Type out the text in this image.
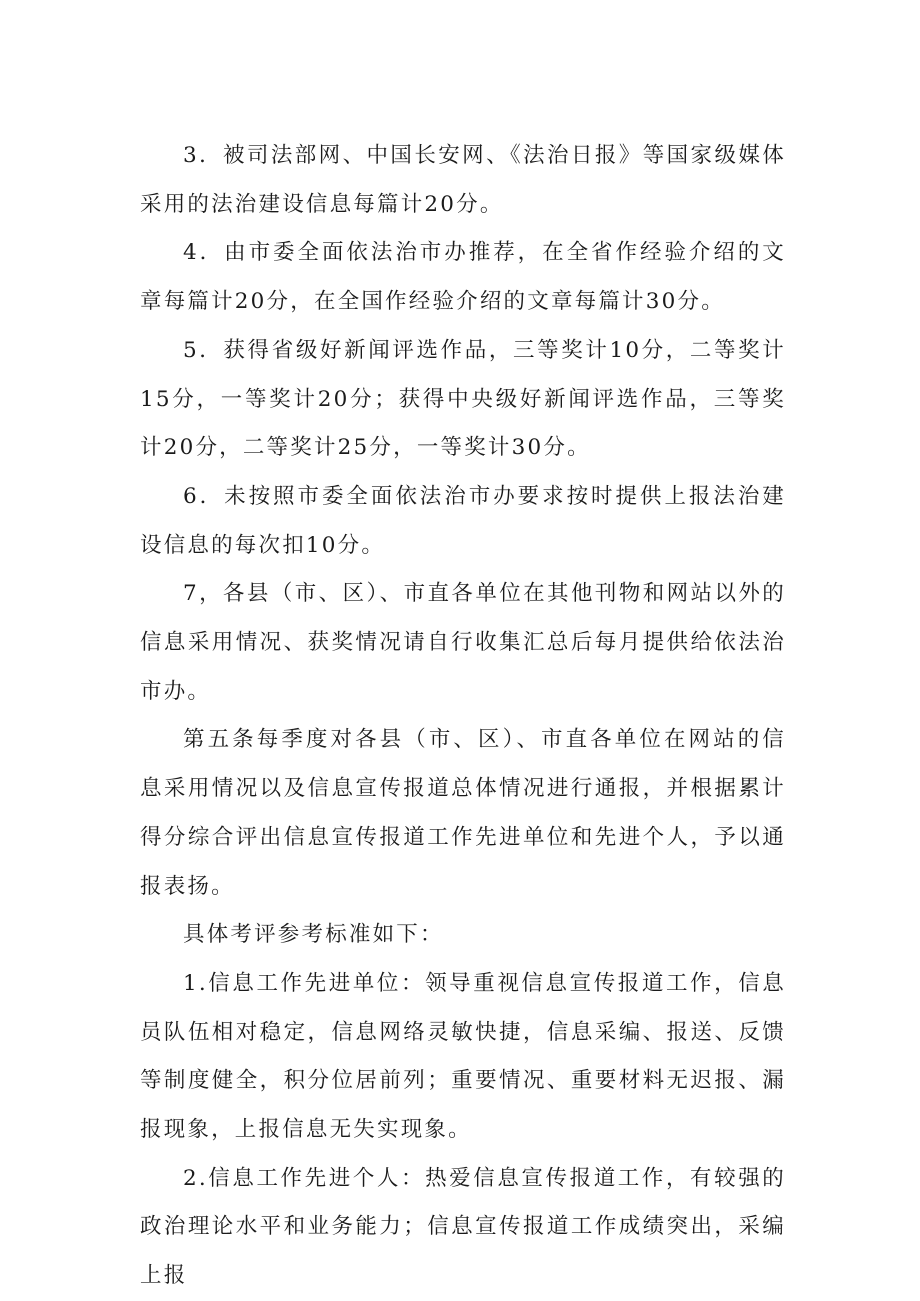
3．被司法部网、中国长安网、《法治日报》等国家级媒体采用的法治建设信息每篇计20分。

4．由市委全面依法治市办推荐，在全省作经验介绍的文章每篇计20分，在全国作经验介绍的文章每篇计30分。

5．获得省级好新闻评选作品，三等奖计10分，二等奖计15分，一等奖计20分；获得中央级好新闻评选作品，三等奖计20分，二等奖计25分，一等奖计30分。

6．未按照市委全面依法治市办要求按时提供上报法治建设信息的每次扣10分。

7，各县（市、区）、市直各单位在其他刊物和网站以外的信息采用情况、获奖情况请自行收集汇总后每月提供给依法治市办。

第五条每季度对各县（市、区）、市直各单位在网站的信息采用情况以及信息宣传报道总体情况进行通报，并根据累计得分综合评出信息宣传报道工作先进单位和先进个人，予以通报表扬。

具体考评参考标准如下：

1.信息工作先进单位：领导重视信息宣传报道工作，信息员队伍相对稳定，信息网络灵敏快捷，信息采编、报送、反馈等制度健全，积分位居前列；重要情况、重要材料无迟报、漏报现象，上报信息无失实现象。

2.信息工作先进个人：热爱信息宣传报道工作，有较强的政治理论水平和业务能力；信息宣传报道工作成绩突出，采编上报
